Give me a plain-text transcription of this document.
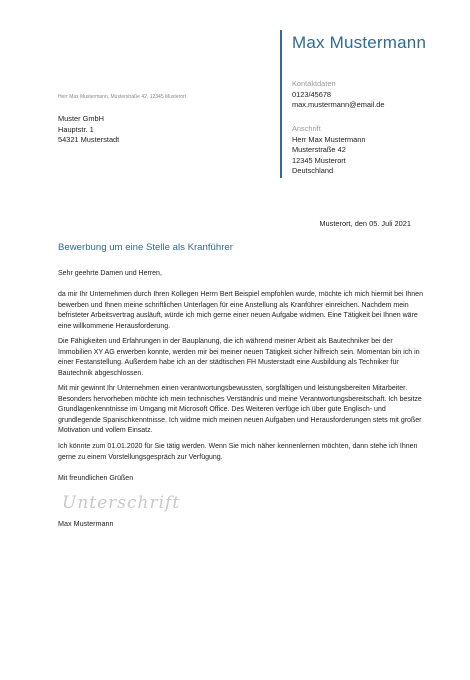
Max Mustermann
Kontaktdaten
0123/45678
max.mustermann@email.de
Anschrift
Herr Max Mustermann
Musterstraße 42
12345 Musterort
Deutschland
Herr Max Mustermann, Musterstraße 42, 12345 Musterort
Muster GmbH
Hauptstr. 1
54321 Musterstadt
Musterort, den 05. Juli 2021
Bewerbung um eine Stelle als Kranführer
Sehr geehrte Damen und Herren,
da mir Ihr Unternehmen durch Ihren Kollegen Herrn Bert Beispiel empfohlen wurde, möchte ich mich hiermit bei Ihnen bewerben und Ihnen meine schriftlichen Unterlagen für eine Anstellung als Kranführer einreichen. Nachdem mein befristeter Arbeitsvertrag ausläuft, würde ich mich gerne einer neuen Aufgabe widmen. Eine Tätigkeit bei Ihnen wäre eine willkommene Herausforderung.
Die Fähigkeiten und Erfahrungen in der Bauplanung, die ich während meiner Arbeit als Bautechniker bei der Immobilien XY AG erwerben konnte, werden mir bei meiner neuen Tätigkeit sicher hilfreich sein. Momentan bin ich in einer Festanstellung. Außerdem habe ich an der städtischen FH Musterstadt eine Ausbildung als Techniker für Bautechnik abgeschlossen.
Mit mir gewinnt Ihr Unternehmen einen verantwortungsbewussten, sorgfältigen und leistungsbereiten Mitarbeiter. Besonders hervorheben möchte ich mein technisches Verständnis und meine Verantwortungsbereitschaft. Ich besitze Grundlagenkenntnisse im Umgang mit Microsoft Office. Des Weiteren verfüge ich über gute Englisch- und grundlegende Spanischkenntnisse. Ich widme mich meinen neuen Aufgaben und Herausforderungen stets mit großer Motivation und vollem Einsatz.
Ich könnte zum 01.01.2020 für Sie tätig werden. Wenn Sie mich näher kennenlernen möchten, dann stehe ich Ihnen gerne zu einem Vorstellungsgespräch zur Verfügung.
Mit freundlichen Grüßen
Unterschrift
Max Mustermann
